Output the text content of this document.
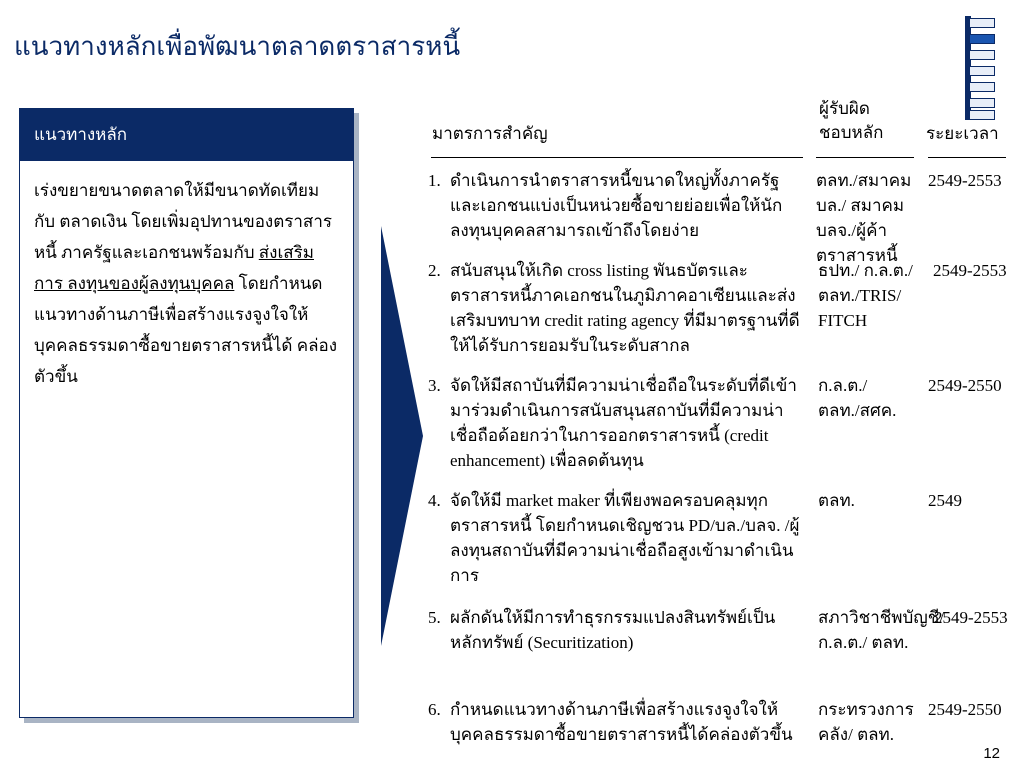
แนวทางหลักเพื่อพัฒนาตลาดตราสารหนี้
แนวทางหลัก
เร่งขยายขนาดตลาดให้มีขนาดทัดเทียมกับ ตลาดเงิน โดยเพิ่มอุปทานของตราสารหนี้ ภาครัฐและเอกชนพร้อมกับ ส่งเสริมการ ลงทุนของผู้ลงทุนบุคคล โดยกำหนด แนวทางด้านภาษีเพื่อสร้างแรงจูงใจให้ บุคคลธรรมดาซื้อขายตราสารหนี้ได้ คล่องตัวขึ้น
มาตรการสำคัญ
ผู้รับผิดชอบหลัก	ระยะเวลา
1. ดำเนินการนำตราสารหนี้ขนาดใหญ่ทั้งภาครัฐและเอกชนแบ่งเป็นหน่วยซื้อขายย่อยเพื่อให้นักลงทุนบุคคลสามารถเข้าถึงโดยง่าย
ตลท./สมาคม บล./ สมาคม บลจ./ผู้ค้าตราสารหนี้
2549-2553
2. สนับสนุนให้เกิด cross listing พันธบัตรและตราสารหนี้ภาคเอกชนในภูมิภาคอาเซียนและส่งเสริมบทบาท credit rating agency ที่มีมาตรฐานที่ดีให้ได้รับการยอมรับในระดับสากล
ธปท./ ก.ล.ต./ ตลท./TRIS/ FITCH
2549-2553
3. จัดให้มีสถาบันที่มีความน่าเชื่อถือในระดับที่ดีเข้ามาร่วมดำเนินการสนับสนุนสถาบันที่มีความน่าเชื่อถือด้อยกว่าในการออกตราสารหนี้ (credit enhancement) เพื่อลดต้นทุน
ก.ล.ต./ ตลท./สศค.
2549-2550
4. จัดให้มี market maker ที่เพียงพอครอบคลุมทุกตราสารหนี้ โดยกำหนดเชิญชวน PD/บล./บลจ. /ผู้ลงทุนสถาบันที่มีความน่าเชื่อถือสูงเข้ามาดำเนินการ
ตลท.	2549
5. ผลักดันให้มีการทำธุรกรรมแปลงสินทรัพย์เป็นหลักทรัพย์ (Securitization)
สภาวิชาชีพบัญชี/ก.ล.ต./ ตลท.
2549-2553
6. กำหนดแนวทางด้านภาษีเพื่อสร้างแรงจูงใจให้บุคคลธรรมดาซื้อขายตราสารหนี้ได้คล่องตัวขึ้น
กระทรวงการคลัง/ ตลท.
2549-2550
12
